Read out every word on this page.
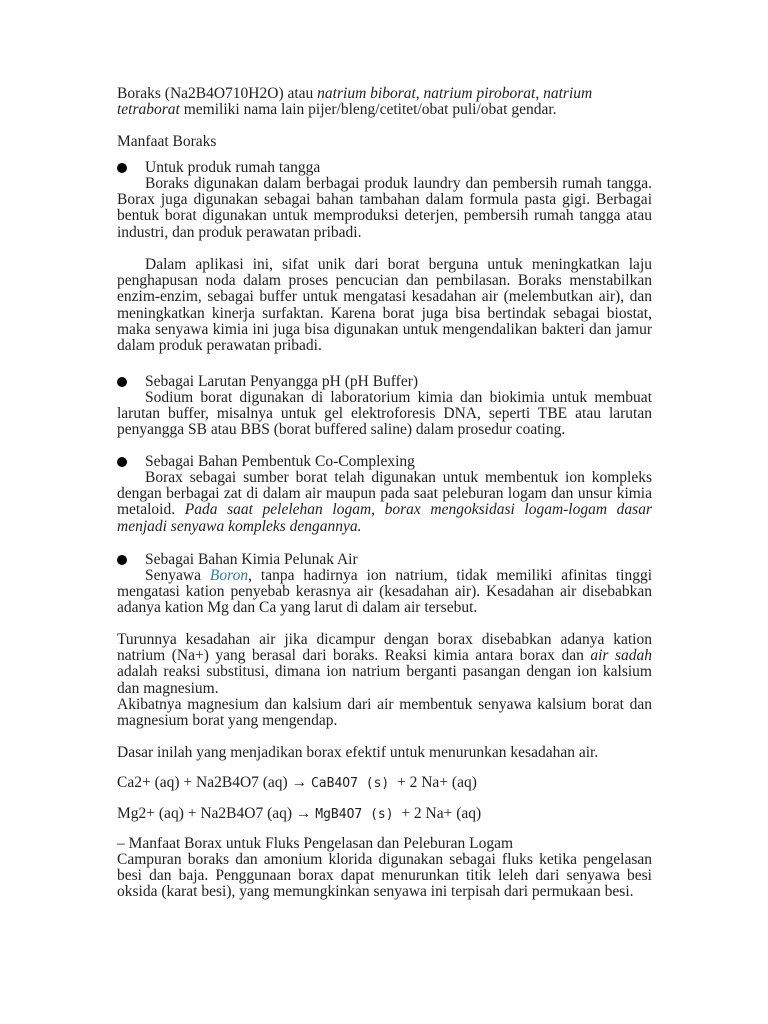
Boraks (Na2B4O710H2O) atau natrium biborat, natrium piroborat, natrium tetraborat memiliki nama lain pijer/bleng/cetitet/obat puli/obat gendar.

Manfaat Boraks

Untuk produk rumah tangga

Boraks digunakan dalam berbagai produk laundry dan pembersih rumah tangga. Borax juga digunakan sebagai bahan tambahan dalam formula pasta gigi. Berbagai bentuk borat digunakan untuk memproduksi deterjen, pembersih rumah tangga atau industri, dan produk perawatan pribadi.

Dalam aplikasi ini, sifat unik dari borat berguna untuk meningkatkan laju penghapusan noda dalam proses pencucian dan pembilasan. Boraks menstabilkan enzim-enzim, sebagai buffer untuk mengatasi kesadahan air (melembutkan air), dan meningkatkan kinerja surfaktan. Karena borat juga bisa bertindak sebagai biostat, maka senyawa kimia ini juga bisa digunakan untuk mengendalikan bakteri dan jamur dalam produk perawatan pribadi.

Sebagai Larutan Penyangga pH (pH Buffer)

Sodium borat digunakan di laboratorium kimia dan biokimia untuk membuat larutan buffer, misalnya untuk gel elektroforesis DNA, seperti TBE atau larutan penyangga SB atau BBS (borat buffered saline) dalam prosedur coating.

Sebagai Bahan Pembentuk Co-Complexing

Borax sebagai sumber borat telah digunakan untuk membentuk ion kompleks dengan berbagai zat di dalam air maupun pada saat peleburan logam dan unsur kimia metaloid. Pada saat pelelehan logam, borax mengoksidasi logam-logam dasar menjadi senyawa kompleks dengannya.

Sebagai Bahan Kimia Pelunak Air

Senyawa Boron, tanpa hadirnya ion natrium, tidak memiliki afinitas tinggi mengatasi kation penyebab kerasnya air (kesadahan air). Kesadahan air disebabkan adanya kation Mg dan Ca yang larut di dalam air tersebut.

Turunnya kesadahan air jika dicampur dengan borax disebabkan adanya kation natrium (Na+) yang berasal dari boraks. Reaksi kimia antara borax dan air sadah adalah reaksi substitusi, dimana ion natrium berganti pasangan dengan ion kalsium dan magnesium.

Akibatnya magnesium dan kalsium dari air membentuk senyawa kalsium borat dan magnesium borat yang mengendap.

Dasar inilah yang menjadikan borax efektif untuk menurunkan kesadahan air.

Ca2+ (aq) + Na2B4O7 (aq) → CaB4O7 (s)  + 2 Na+ (aq)

Mg2+ (aq) + Na2B4O7 (aq) → MgB4O7 (s)  + 2 Na+ (aq)

– Manfaat Borax untuk Fluks Pengelasan dan Peleburan Logam

Campuran boraks dan amonium klorida digunakan sebagai fluks ketika pengelasan besi dan baja. Penggunaan borax dapat menurunkan titik leleh dari senyawa besi oksida (karat besi), yang memungkinkan senyawa ini terpisah dari permukaan besi.
